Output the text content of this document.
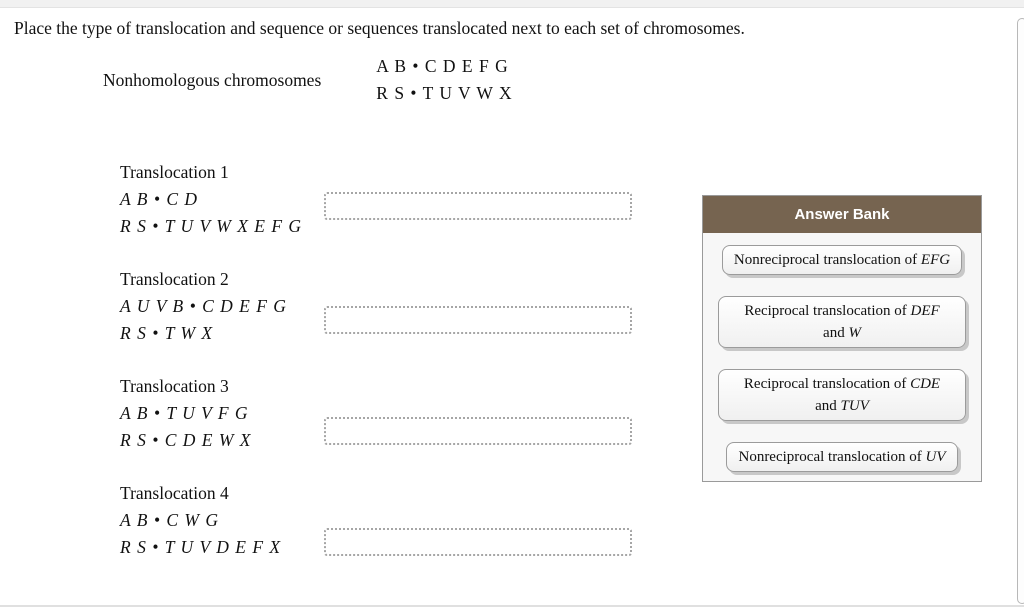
Place the type of translocation and sequence or sequences translocated next to each set of chromosomes.
Nonhomologous chromosomes
A B • C D E F G
R S • T U V W X
Translocation 1
A B • C D
R S • T U V W X E F G
Translocation 2
A U V B • C D E F G
R S • T W X
Translocation 3
A B • T U V F G
R S • C D E W X
Translocation 4
A B • C W G
R S • T U V D E F X
Answer Bank
Nonreciprocal translocation of EFG
Reciprocal translocation of DEF
and W
Reciprocal translocation of CDE
and TUV
Nonreciprocal translocation of UV
